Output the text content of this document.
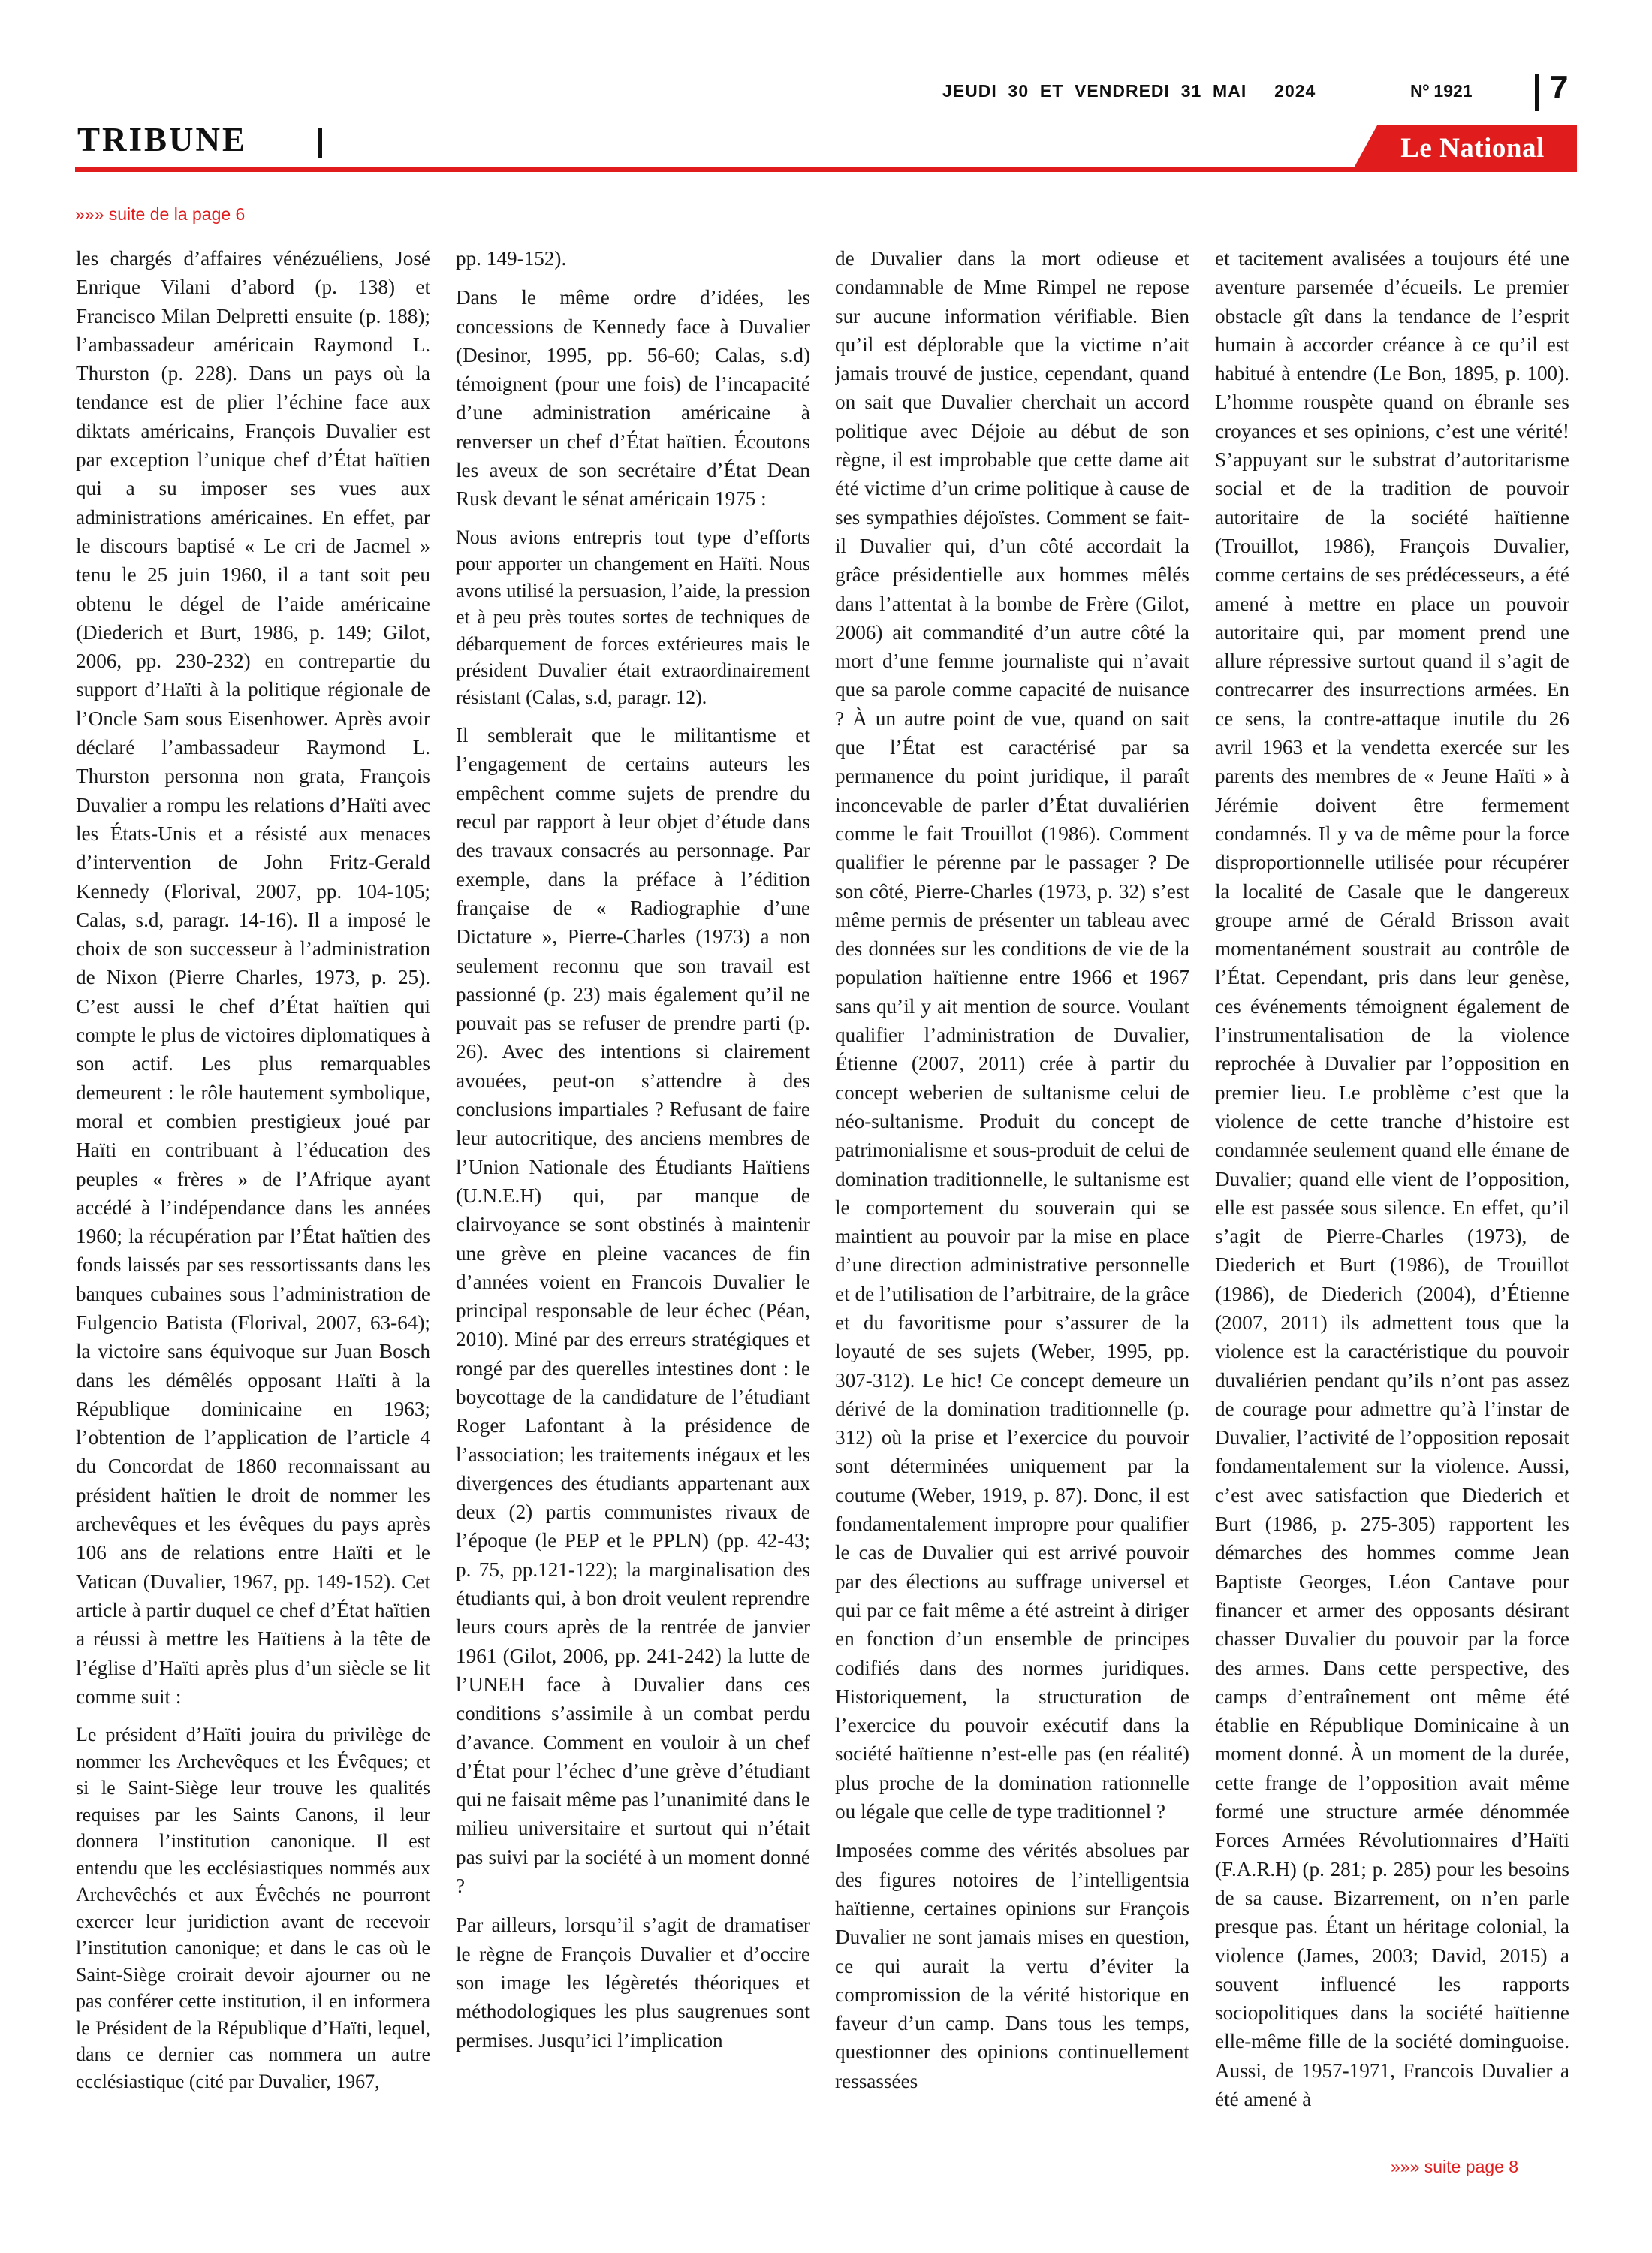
JEUDI  30  ET  VENDREDI  31  MAI     2024	Nº 1921 7
TRIBUNE	Le National
»»» suite de la page 6

les chargés d’affaires vénézuéliens, José Enrique Vilani d’abord (p. 138) et Francisco Milan Delpretti ensuite (p. 188); l’ambassadeur américain Raymond L. Thurston (p. 228). Dans un pays où la tendance est de plier l’échine face aux diktats américains, François Duvalier est par exception l’unique chef d’État haïtien qui a su imposer ses vues aux administrations américaines. En effet, par le discours baptisé « Le cri de Jacmel » tenu le 25 juin 1960, il a tant soit peu obtenu le dégel de l’aide américaine (Diederich et Burt, 1986, p. 149; Gilot, 2006, pp. 230-232) en contrepartie du support d’Haïti à la politique régionale de l’Oncle Sam sous Eisenhower. Après avoir déclaré l’ambassadeur Raymond L. Thurston personna non grata, François Duvalier a rompu les relations d’Haïti avec les États-Unis et a résisté aux menaces d’intervention de John Fritz-Gerald Kennedy (Florival, 2007, pp. 104-105; Calas, s.d, paragr. 14-16). Il a imposé le choix de son successeur à l’administration de Nixon (Pierre Charles, 1973, p. 25). C’est aussi le chef d’État haïtien qui compte le plus de victoires diplomatiques à son actif. Les plus remarquables demeurent : le rôle hautement symbolique, moral et combien prestigieux joué par Haïti en contribuant à l’éducation des peuples « frères » de l’Afrique ayant accédé à l’indépendance dans les années 1960; la récupération par l’État haïtien des fonds laissés par ses ressortissants dans les banques cubaines sous l’administration de Fulgencio Batista (Florival, 2007, 63-64); la victoire sans équivoque sur Juan Bosch dans les démêlés opposant Haïti à la République dominicaine en 1963; l’obtention de l’application de l’article 4 du Concordat de 1860 reconnaissant au président haïtien le droit de nommer les archevêques et les évêques du pays après 106 ans de relations entre Haïti et le Vatican (Duvalier, 1967, pp. 149-152). Cet article à partir duquel ce chef d’État haïtien a réussi à mettre les Haïtiens à la tête de l’église d’Haïti après plus d’un siècle se lit comme suit :

Le président d’Haïti jouira du privilège de nommer les Archevêques et les Évêques; et si le Saint-Siège leur trouve les qualités requises par les Saints Canons, il leur donnera l’institution canonique. Il est entendu que les ecclésiastiques nommés aux Archevêchés et aux Évêchés ne pourront exercer leur juridiction avant de recevoir l’institution canonique; et dans le cas où le Saint-Siège croirait devoir ajourner ou ne pas conférer cette institution, il en informera le Président de la République d’Haïti, lequel, dans ce dernier cas nommera un autre ecclésiastique (cité par Duvalier, 1967,

pp. 149-152).

Dans le même ordre d’idées, les concessions de Kennedy face à Duvalier (Desinor, 1995, pp. 56-60; Calas, s.d) témoignent (pour une fois) de l’incapacité d’une administration américaine à renverser un chef d’État haïtien. Écoutons les aveux de son secrétaire d’État Dean Rusk devant le sénat américain 1975 :

Nous avions entrepris tout type d’efforts pour apporter un changement en Haïti. Nous avons utilisé la persuasion, l’aide, la pression et à peu près toutes sortes de techniques de débarquement de forces extérieures mais le président Duvalier était extraordinairement résistant (Calas, s.d, paragr. 12).

Il semblerait que le militantisme et l’engagement de certains auteurs les empêchent comme sujets de prendre du recul par rapport à leur objet d’étude dans des travaux consacrés au personnage. Par exemple, dans la préface à l’édition française de « Radiographie d’une Dictature », Pierre-Charles (1973) a non seulement reconnu que son travail est passionné (p. 23) mais également qu’il ne pouvait pas se refuser de prendre parti (p. 26). Avec des intentions si clairement avouées, peut-on s’attendre à des conclusions impartiales ? Refusant de faire leur autocritique, des anciens membres de l’Union Nationale des Étudiants Haïtiens (U.N.E.H) qui, par manque de clairvoyance se sont obstinés à maintenir une grève en pleine vacances de fin d’années voient en Francois Duvalier le principal responsable de leur échec (Péan, 2010). Miné par des erreurs stratégiques et rongé par des querelles intestines dont : le boycottage de la candidature de l’étudiant Roger Lafontant à la présidence de l’association; les traitements inégaux et les divergences des étudiants appartenant aux deux (2) partis communistes rivaux de l’époque (le PEP et le PPLN) (pp. 42-43; p. 75, pp.121-122); la marginalisation des étudiants qui, à bon droit veulent reprendre leurs cours après de la rentrée de janvier 1961 (Gilot, 2006, pp. 241-242) la lutte de l’UNEH face à Duvalier dans ces conditions s’assimile à un combat perdu d’avance. Comment en vouloir à un chef d’État pour l’échec d’une grève d’étudiant qui ne faisait même pas l’unanimité dans le milieu universitaire et surtout qui n’était pas suivi par la société à un moment donné ?

Par ailleurs, lorsqu’il s’agit de dramatiser le règne de François Duvalier et d’occire son image les légèretés théoriques et méthodologiques les plus saugrenues sont permises. Jusqu’ici l’implication

de Duvalier dans la mort odieuse et condamnable de Mme Rimpel ne repose sur aucune information vérifiable. Bien qu’il est déplorable que la victime n’ait jamais trouvé de justice, cependant, quand on sait que Duvalier cherchait un accord politique avec Déjoie au début de son règne, il est improbable que cette dame ait été victime d’un crime politique à cause de ses sympathies déjoïstes. Comment se fait-il Duvalier qui, d’un côté accordait la grâce présidentielle aux hommes mêlés dans l’attentat à la bombe de Frère (Gilot, 2006) ait commandité d’un autre côté la mort d’une femme journaliste qui n’avait que sa parole comme capacité de nuisance ? À un autre point de vue, quand on sait que l’État est caractérisé par sa permanence du point juridique, il paraît inconcevable de parler d’État duvaliérien comme le fait Trouillot (1986). Comment qualifier le pérenne par le passager ? De son côté, Pierre-Charles (1973, p. 32) s’est même permis de présenter un tableau avec des données sur les conditions de vie de la population haïtienne entre 1966 et 1967 sans qu’il y ait mention de source. Voulant qualifier l’administration de Duvalier, Étienne (2007, 2011) crée à partir du concept weberien de sultanisme celui de néo-sultanisme. Produit du concept de patrimonialisme et sous-produit de celui de domination traditionnelle, le sultanisme est le comportement du souverain qui se maintient au pouvoir par la mise en place d’une direction administrative personnelle et de l’utilisation de l’arbitraire, de la grâce et du favoritisme pour s’assurer de la loyauté de ses sujets (Weber, 1995, pp. 307-312). Le hic! Ce concept demeure un dérivé de la domination traditionnelle (p. 312) où la prise et l’exercice du pouvoir sont déterminées uniquement par la coutume (Weber, 1919, p. 87). Donc, il est fondamentalement impropre pour qualifier le cas de Duvalier qui est arrivé pouvoir par des élections au suffrage universel et qui par ce fait même a été astreint à diriger en fonction d’un ensemble de principes codifiés dans des normes juridiques. Historiquement, la structuration de l’exercice du pouvoir exécutif dans la société haïtienne n’est-elle pas (en réalité) plus proche de la domination rationnelle ou légale que celle de type traditionnel ?

Imposées comme des vérités absolues par des figures notoires de l’intelligentsia haïtienne, certaines opinions sur François Duvalier ne sont jamais mises en question, ce qui aurait la vertu d’éviter la compromission de la vérité historique en faveur d’un camp. Dans tous les temps, questionner des opinions continuellement ressassées

et tacitement avalisées a toujours été une aventure parsemée d’écueils. Le premier obstacle gît dans la tendance de l’esprit humain à accorder créance à ce qu’il est habitué à entendre (Le Bon, 1895, p. 100). L’homme rouspète quand on ébranle ses croyances et ses opinions, c’est une vérité! S’appuyant sur le substrat d’autoritarisme social et de la tradition de pouvoir autoritaire de la société haïtienne (Trouillot, 1986), François Duvalier, comme certains de ses prédécesseurs, a été amené à mettre en place un pouvoir autoritaire qui, par moment prend une allure répressive surtout quand il s’agit de contrecarrer des insurrections armées. En ce sens, la contre-attaque inutile du 26 avril 1963 et la vendetta exercée sur les parents des membres de « Jeune Haïti » à Jérémie doivent être fermement condamnés. Il y va de même pour la force disproportionnelle utilisée pour récupérer la localité de Casale que le dangereux groupe armé de Gérald Brisson avait momentanément soustrait au contrôle de l’État. Cependant, pris dans leur genèse, ces événements témoignent également de l’instrumentalisation de la violence reprochée à Duvalier par l’opposition en premier lieu. Le problème c’est que la violence de cette tranche d’histoire est condamnée seulement quand elle émane de Duvalier; quand elle vient de l’opposition, elle est passée sous silence. En effet, qu’il s’agit de Pierre-Charles (1973), de Diederich et Burt (1986), de Trouillot (1986), de Diederich (2004), d’Étienne (2007, 2011) ils admettent tous que la violence est la caractéristique du pouvoir duvaliérien pendant qu’ils n’ont pas assez de courage pour admettre qu’à l’instar de Duvalier, l’activité de l’opposition reposait fondamentalement sur la violence. Aussi, c’est avec satisfaction que Diederich et Burt (1986, p. 275-305) rapportent les démarches des hommes comme Jean Baptiste Georges, Léon Cantave pour financer et armer des opposants désirant chasser Duvalier du pouvoir par la force des armes. Dans cette perspective, des camps d’entraînement ont même été établie en République Dominicaine à un moment donné. À un moment de la durée, cette frange de l’opposition avait même formé une structure armée dénommée Forces Armées Révolutionnaires d’Haïti (F.A.R.H) (p. 281; p. 285) pour les besoins de sa cause. Bizarrement, on n’en parle presque pas. Étant un héritage colonial, la violence (James, 2003; David, 2015) a souvent influencé les rapports sociopolitiques dans la société haïtienne elle-même fille de la société dominguoise. Aussi, de 1957-1971, Francois Duvalier a été amené à

»»» suite page 8
